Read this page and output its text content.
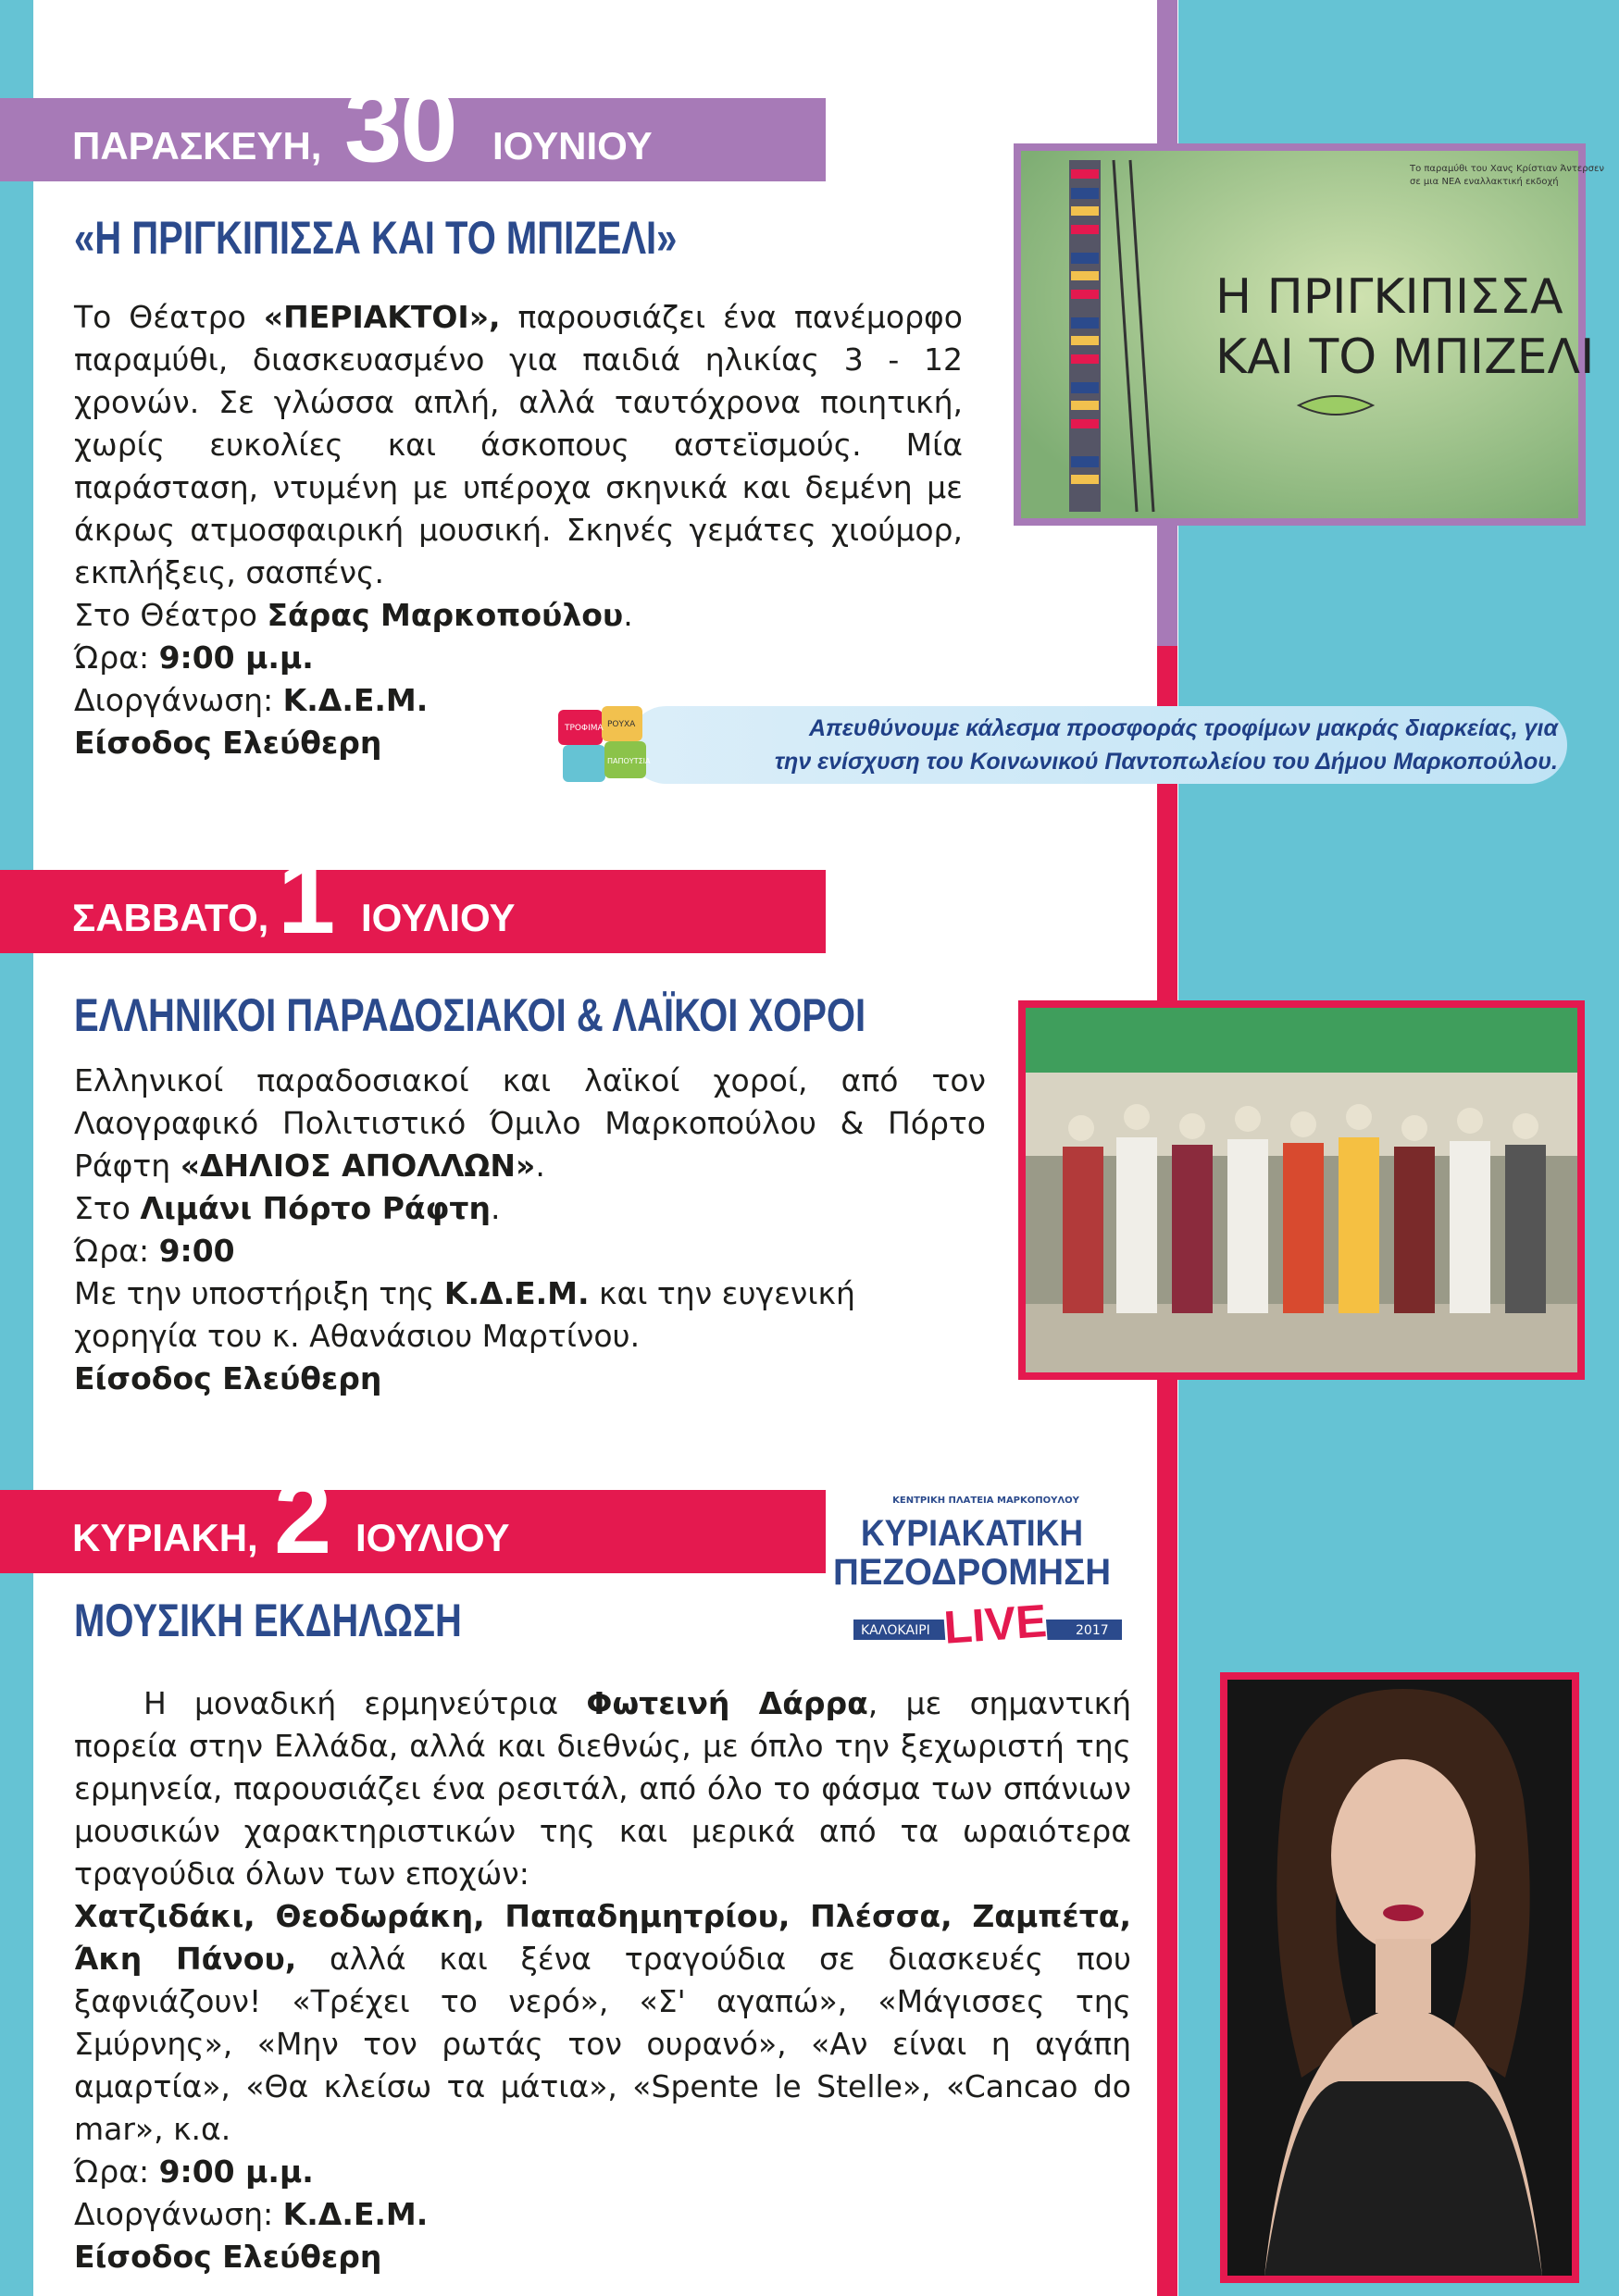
ΠΑΡΑΣΚΕΥΗ, 30 ΙΟΥΝΙΟΥ
«Η ΠΡΙΓΚΙΠΙΣΣΑ ΚΑΙ ΤΟ ΜΠΙΖΕΛΙ»

Το Θέατρο «ΠΕΡΙΑΚΤΟΙ», παρουσιάζει ένα πανέμορφο παραμύθι, διασκευασμένο για παιδιά ηλικίας 3 - 12 χρονών. Σε γλώσσα απλή, αλλά ταυτόχρονα ποιητική, χωρίς ευκολίες και άσκοπους αστεϊσμούς. Μία παράσταση, ντυμένη με υπέροχα σκηνικά και δεμένη με άκρως ατμοσφαιρική μουσική. Σκηνές γεμάτες χιούμορ, εκπλήξεις, σασπένς.

Στο Θέατρο Σάρας Μαρκοπούλου.

Ώρα: 9:00 μ.μ.

Διοργάνωση: Κ.Δ.Ε.Μ.

Είσοδος Ελεύθερη

Το παραμύθι του Χανς Κρίστιαν Άντερσεν
σε μια ΝΕΑ εναλλακτική εκδοχή
Η ΠΡΙΓΚΙΠΙΣΣΑ
ΚΑΙ ΤΟ ΜΠΙΖΕΛΙ
ΤΡΟΦΙΜΑ ΡΟΥΧΑ
ΠΑΠΟΥΤΣΙΑ
Απευθύνουμε κάλεσμα προσφοράς τροφίμων μακράς διαρκείας, για
την ενίσχυση του Κοινωνικού Παντοπωλείου του Δήμου Μαρκοπούλου.
ΣΑΒΒΑΤΟ, 1 ΙΟΥΛΙΟΥ
ΕΛΛΗΝΙΚΟΙ ΠΑΡΑΔΟΣΙΑΚΟΙ & ΛΑΪΚΟΙ ΧΟΡΟΙ

Ελληνικοί παραδοσιακοί και λαϊκοί χοροί, από τον Λαογραφικό Πολιτιστικό Όμιλο Μαρκοπούλου & Πόρτο Ράφτη «ΔΗΛΙΟΣ ΑΠΟΛΛΩΝ».

Στο Λιμάνι Πόρτο Ράφτη.

Ώρα: 9:00

Με την υποστήριξη της Κ.Δ.Ε.Μ. και την ευγενική χορηγία του κ. Αθανάσιου Μαρτίνου.

Είσοδος Ελεύθερη

ΚΥΡΙΑΚΗ, 2 ΙΟΥΛΙΟΥ
ΚΕΝΤΡΙΚΗ ΠΛΑΤΕΙΑ ΜΑΡΚΟΠΟΥΛΟΥ
ΚΥΡΙΑΚΑΤΙΚΗ
ΠΕΖΟΔΡΟΜΗΣΗ
ΚΑΛΟΚΑΙΡΙ	2017
LIVE
ΜΟΥΣΙΚΗ ΕΚΔΗΛΩΣΗ

Η μοναδική ερμηνεύτρια Φωτεινή Δάρρα, με σημαντική πορεία στην Ελλάδα, αλλά και διεθνώς, με όπλο την ξεχωριστή της ερμηνεία, παρουσιάζει ένα ρεσιτάλ, από όλο το φάσμα των σπάνιων μουσικών χαρακτηριστικών της και μερικά από τα ωραιότερα τραγούδια όλων των εποχών:

Χατζιδάκι, Θεοδωράκη, Παπαδημητρίου, Πλέσσα, Ζαμπέτα, Άκη Πάνου, αλλά και ξένα τραγούδια σε διασκευές που ξαφνιάζουν! «Τρέχει το νερό», «Σ' αγαπώ», «Μάγισσες της Σμύρνης», «Μην τον ρωτάς τον ουρανό», «Αν είναι η αγάπη αμαρτία», «Θα κλείσω τα μάτια», «Spente le Stelle», «Cancao do mar», κ.α.

Ώρα: 9:00 μ.μ.

Διοργάνωση: Κ.Δ.Ε.Μ.

Είσοδος Ελεύθερη
